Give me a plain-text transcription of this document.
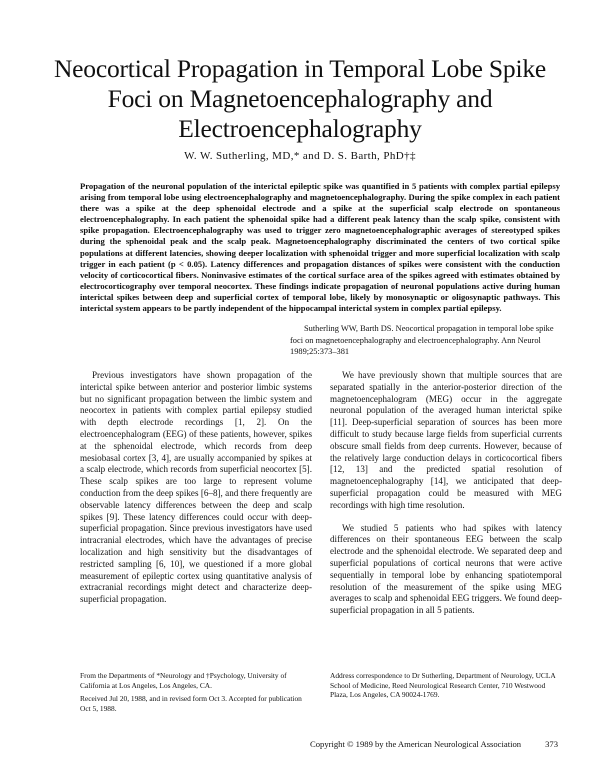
Neocortical Propagation in Temporal Lobe Spike Foci on Magnetoencephalography and Electroencephalography
W. W. Sutherling, MD,* and D. S. Barth, PhD†‡

Propagation of the neuronal population of the interictal epileptic spike was quantified in 5 patients with complex partial epilepsy arising from temporal lobe using electroencephalography and magnetoencephalography. During the spike complex in each patient there was a spike at the deep sphenoidal electrode and a spike at the superficial scalp electrode on spontaneous electroencephalography. In each patient the sphenoidal spike had a different peak latency than the scalp spike, consistent with spike propagation. Electroencephalography was used to trigger zero magnetoencephalographic averages of stereotyped spikes during the sphenoidal peak and the scalp peak. Magnetoencephalography discriminated the centers of two cortical spike populations at different latencies, showing deeper localization with sphenoidal trigger and more superficial localization with scalp trigger in each patient (p < 0.05). Latency differences and propagation distances of spikes were consistent with the conduction velocity of corticocortical fibers. Noninvasive estimates of the cortical surface area of the spikes agreed with estimates obtained by electrocorticography over temporal neocortex. These findings indicate propagation of neuronal populations active during human interictal spikes between deep and superficial cortex of temporal lobe, likely by monosynaptic or oligosynaptic pathways. This interictal system appears to be partly independent of the hippocampal interictal system in complex partial epilepsy.

Sutherling WW, Barth DS. Neocortical propagation in temporal lobe spike foci on magnetoencephalography and electroencephalography. Ann Neurol 1989;25:373–381

Previous investigators have shown propagation of the interictal spike between anterior and posterior limbic systems but no significant propagation between the limbic system and neocortex in patients with complex partial epilepsy studied with depth electrode recordings [1, 2]. On the electroencephalogram (EEG) of these patients, however, spikes at the sphenoidal electrode, which records from deep mesiobasal cortex [3, 4], are usually accompanied by spikes at a scalp electrode, which records from superficial neocortex [5]. These scalp spikes are too large to represent volume conduction from the deep spikes [6–8], and there frequently are observable latency differences between the deep and scalp spikes [9]. These latency differences could occur with deep-superficial propagation. Since previous investigators have used intracranial electrodes, which have the advantages of precise localization and high sensitivity but the disadvantages of restricted sampling [6, 10], we questioned if a more global measurement of epileptic cortex using quantitative analysis of extracranial recordings might detect and characterize deep-superficial propagation.

We have previously shown that multiple sources that are separated spatially in the anterior-posterior direction of the magnetoencephalogram (MEG) occur in the aggregate neuronal population of the averaged human interictal spike [11]. Deep-superficial separation of sources has been more difficult to study because large fields from superficial currents obscure small fields from deep currents. However, because of the relatively large conduction delays in corticocortical fibers [12, 13] and the predicted spatial resolution of magnetoencephalography [14], we anticipated that deep-superficial propagation could be measured with MEG recordings with high time resolution.

We studied 5 patients who had spikes with latency differences on their spontaneous EEG between the scalp electrode and the sphenoidal electrode. We separated deep and superficial populations of cortical neurons that were active sequentially in temporal lobe by enhancing spatiotemporal resolution of the measurement of the spike using MEG averages to scalp and sphenoidal EEG triggers. We found deep-superficial propagation in all 5 patients.

From the Departments of *Neurology and †Psychology, University of California at Los Angeles, Los Angeles, CA.

Received Jul 20, 1988, and in revised form Oct 3. Accepted for publication Oct 5, 1988.

Address correspondence to Dr Sutherling, Department of Neurology, UCLA School of Medicine, Reed Neurological Research Center, 710 Westwood Plaza, Los Angeles, CA 90024-1769.

Copyright © 1989 by the American Neurological Association	373
